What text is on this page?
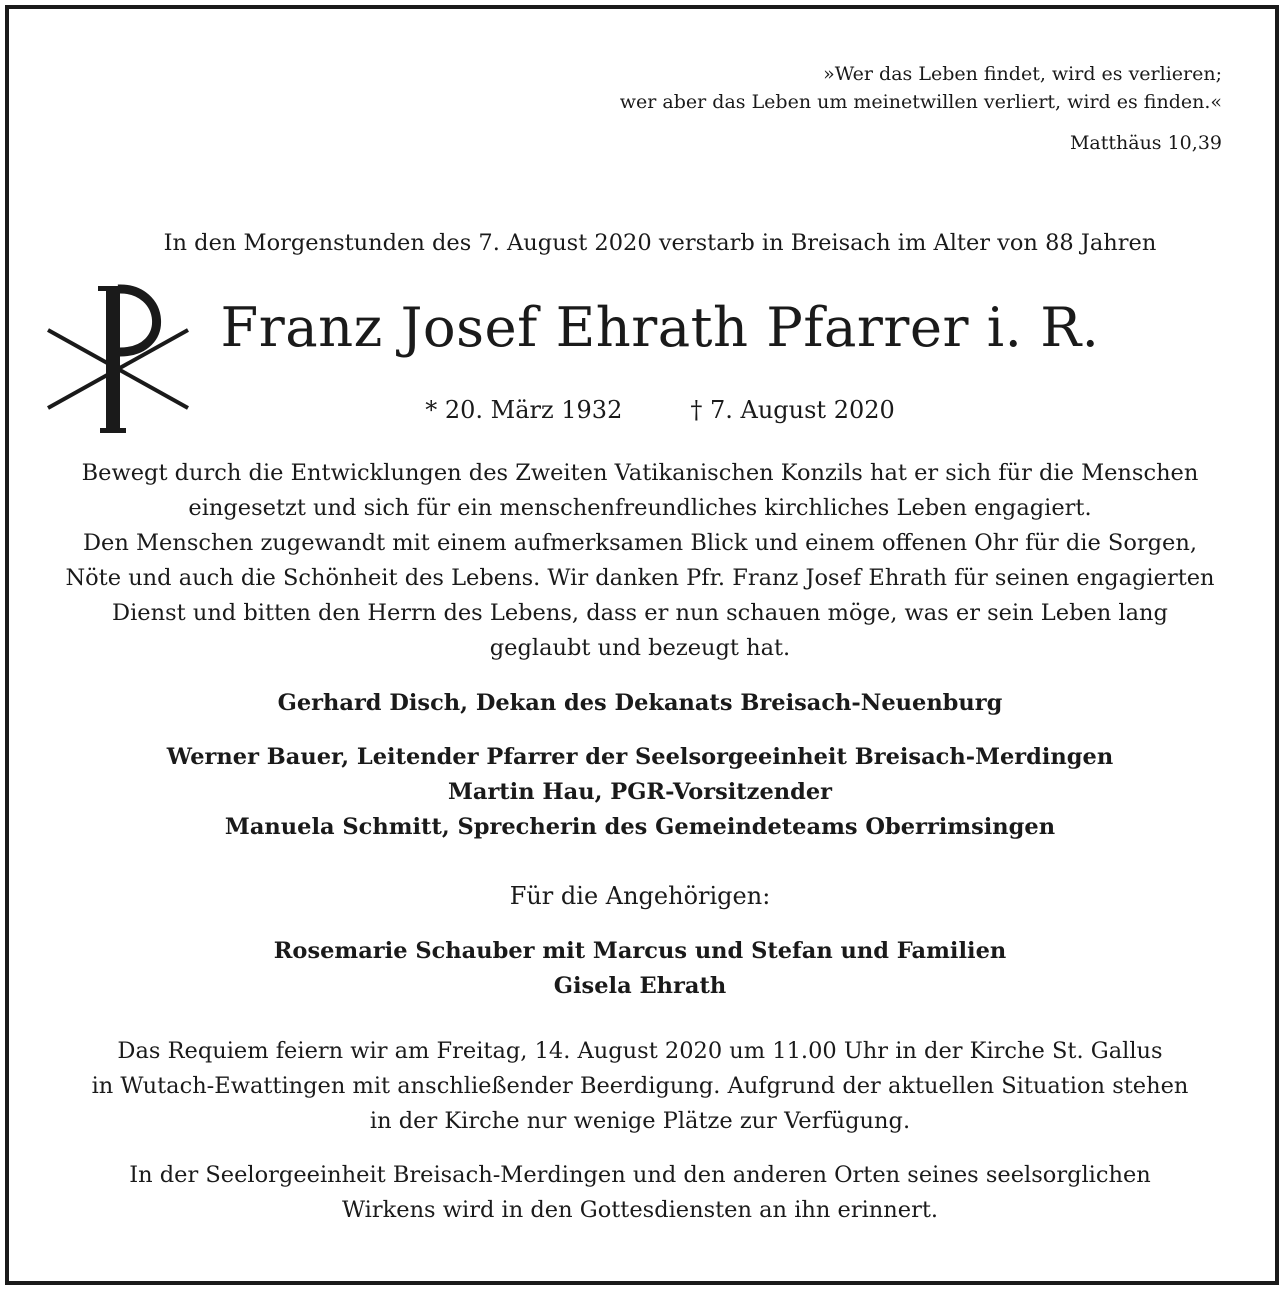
»Wer das Leben findet, wird es verlieren;
wer aber das Leben um meinetwillen verliert, wird es finden.«
Matthäus 10,39
In den Morgenstunden des 7. August 2020 verstarb in Breisach im Alter von 88 Jahren
Franz Josef Ehrath Pfarrer i. R.
* 20. März 1932	† 7. August 2020
Bewegt durch die Entwicklungen des Zweiten Vatikanischen Konzils hat er sich für die Menschen
eingesetzt und sich für ein menschenfreundliches kirchliches Leben engagiert.
Den Menschen zugewandt mit einem aufmerksamen Blick und einem offenen Ohr für die Sorgen,
Nöte und auch die Schönheit des Lebens. Wir danken Pfr. Franz Josef Ehrath für seinen engagierten
Dienst und bitten den Herrn des Lebens, dass er nun schauen möge, was er sein Leben lang
geglaubt und bezeugt hat.
Gerhard Disch, Dekan des Dekanats Breisach-Neuenburg
Werner Bauer, Leitender Pfarrer der Seelsorgeeinheit Breisach-Merdingen
Martin Hau, PGR-Vorsitzender
Manuela Schmitt, Sprecherin des Gemeindeteams Oberrimsingen
Für die Angehörigen:
Rosemarie Schauber mit Marcus und Stefan und Familien
Gisela Ehrath
Das Requiem feiern wir am Freitag, 14. August 2020 um 11.00 Uhr in der Kirche St. Gallus
in Wutach-Ewattingen mit anschließender Beerdigung. Aufgrund der aktuellen Situation stehen
in der Kirche nur wenige Plätze zur Verfügung.
In der Seelorgeeinheit Breisach-Merdingen und den anderen Orten seines seelsorglichen
Wirkens wird in den Gottesdiensten an ihn erinnert.
